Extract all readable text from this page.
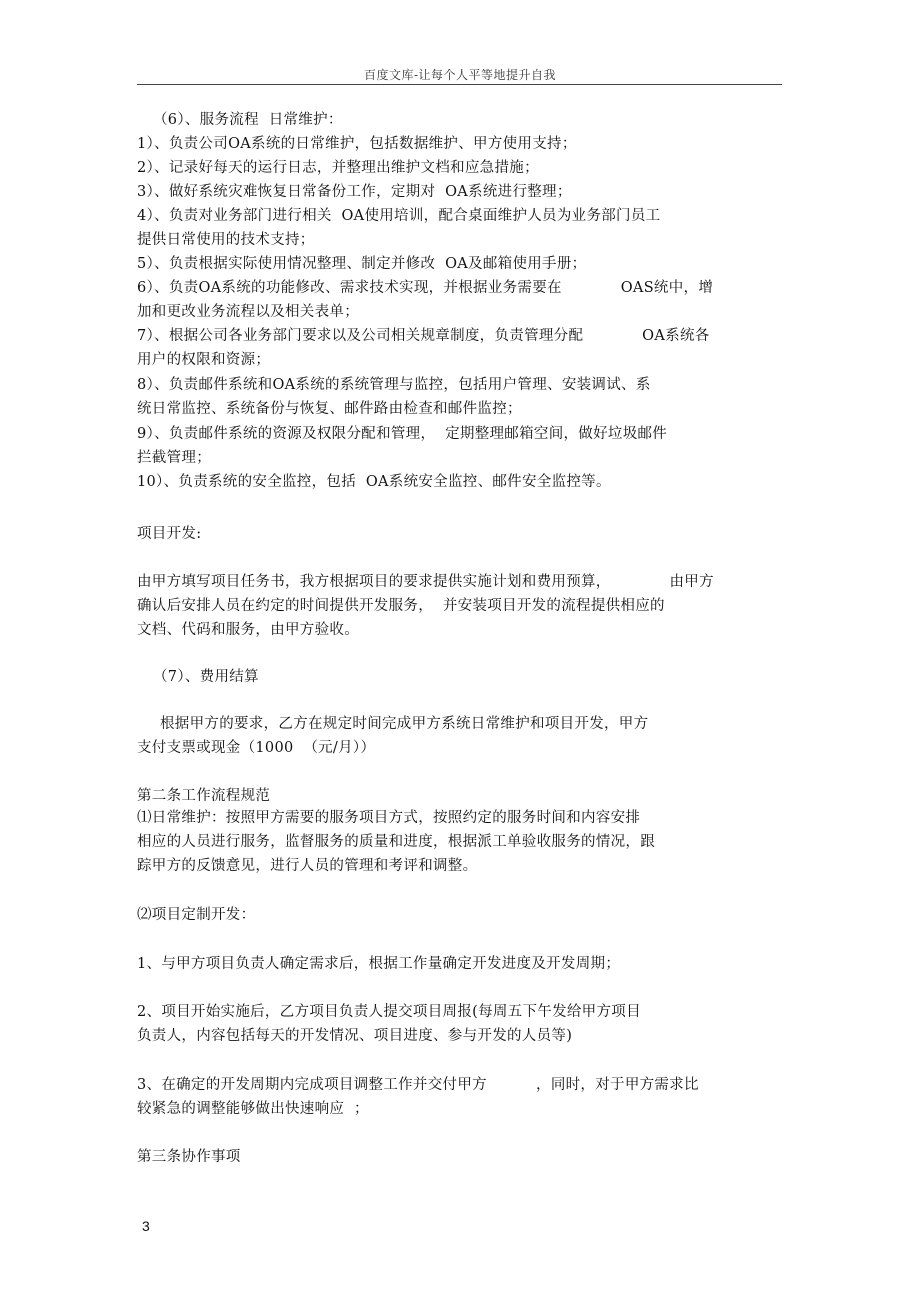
百度文库-让每个人平等地提升自我
（6）、服务流程  日常维护：
1）、负责公司OA系统的日常维护，包括数据维护、甲方使用支持；
2）、记录好每天的运行日志，并整理出维护文档和应急措施；
3）、做好系统灾难恢复日常备份工作，定期对  OA系统进行整理；
4）、负责对业务部门进行相关  OA使用培训，配合桌面维护人员为业务部门员工
提供日常使用的技术支持；
5）、负责根据实际使用情况整理、制定并修改  OA及邮箱使用手册；
6）、负责OA系统的功能修改、需求技术实现，并根据业务需要在            OAS统中，增
加和更改业务流程以及相关表单；
7）、根据公司各业务部门要求以及公司相关规章制度，负责管理分配            OA系统各
用户的权限和资源；
8）、负责邮件系统和OA系统的系统管理与监控，包括用户管理、安装调试、系
统日常监控、系统备份与恢复、邮件路由检查和邮件监控；
9）、负责邮件系统的资源及权限分配和管理，  定期整理邮箱空间，做好垃圾邮件
拦截管理；
10）、负责系统的安全监控，包括  OA系统安全监控、邮件安全监控等。
项目开发:
由甲方填写项目任务书，我方根据项目的要求提供实施计划和费用预算，            由甲方
确认后安排人员在约定的时间提供开发服务，  并安装项目开发的流程提供相应的
文档、代码和服务，由甲方验收。
（7）、费用结算
根据甲方的要求，乙方在规定时间完成甲方系统日常维护和项目开发，甲方
支付支票或现金（1000  （元/月））
第二条工作流程规范
⑴日常维护：按照甲方需要的服务项目方式，按照约定的服务时间和内容安排
相应的人员进行服务，监督服务的质量和进度，根据派工单验收服务的情况，跟
踪甲方的反馈意见，进行人员的管理和考评和调整。
⑵项目定制开发：
1、与甲方项目负责人确定需求后，根据工作量确定开发进度及开发周期；
2、项目开始实施后，乙方项目负责人提交项目周报(每周五下午发给甲方项目
负责人，内容包括每天的开发情况、项目进度、参与开发的人员等)
3、在确定的开发周期内完成项目调整工作并交付甲方          ，同时，对于甲方需求比
较紧急的调整能够做出快速响应  ；
第三条协作事项
3
